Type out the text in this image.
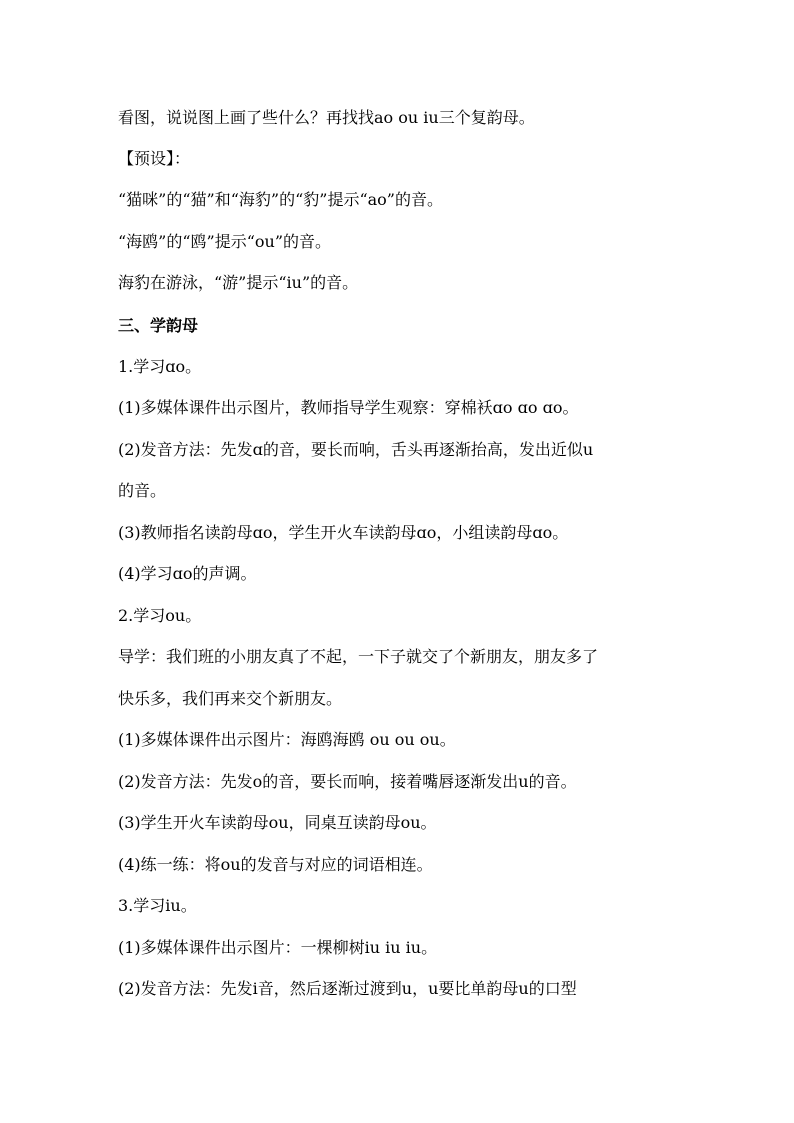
看图，说说图上画了些什么？再找找ao ou iu三个复韵母。
【预设】：
“猫咪”的“猫”和“海豹”的“豹”提示“ao”的音。
“海鸥”的“鸥”提示“ou”的音。
海豹在游泳，“游”提示“iu”的音。
三、学韵母
1.学习ɑo。
(1)多媒体课件出示图片，教师指导学生观察：穿棉袄ɑo ɑo ɑo。
(2)发音方法：先发ɑ的音，要长而响，舌头再逐渐抬高，发出近似u
的音。
(3)教师指名读韵母ɑo，学生开火车读韵母ɑo，小组读韵母ɑo。
(4)学习ɑo的声调。
2.学习ou。
导学：我们班的小朋友真了不起，一下子就交了个新朋友，朋友多了
快乐多，我们再来交个新朋友。
(1)多媒体课件出示图片：海鸥海鸥 ou ou ou。
(2)发音方法：先发o的音，要长而响，接着嘴唇逐渐发出u的音。
(3)学生开火车读韵母ou，同桌互读韵母ou。
(4)练一练：将ou的发音与对应的词语相连。
3.学习iu。
(1)多媒体课件出示图片：一棵柳树iu iu iu。
(2)发音方法：先发i音，然后逐渐过渡到u，u要比单韵母u的口型
